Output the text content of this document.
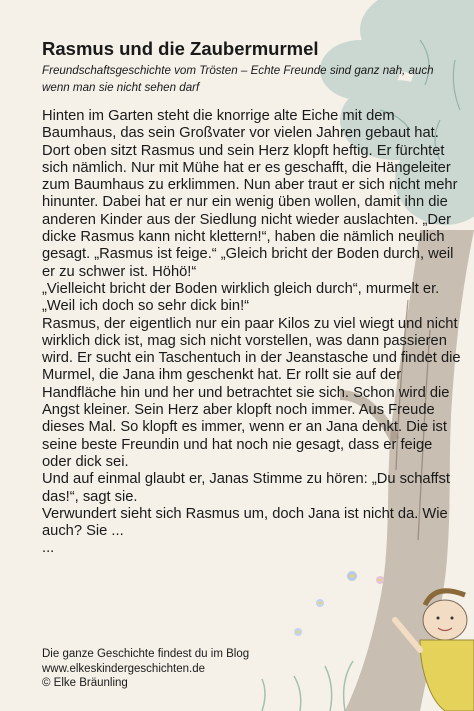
Rasmus und die Zaubermurmel
Freundschaftsgeschichte vom Trösten – Echte Freunde sind ganz nah, auch wenn man sie nicht sehen darf

Hinten im Garten steht die knorrige alte Eiche mit dem Baumhaus, das sein Großvater vor vielen Jahren gebaut hat.

Dort oben sitzt Rasmus und sein Herz klopft heftig. Er fürchtet sich nämlich. Nur mit Mühe hat er es geschafft, die Hängeleiter zum Baumhaus zu erklimmen. Nun aber traut er sich nicht mehr hinunter. Dabei hat er nur ein wenig üben wollen, damit ihn die anderen Kinder aus der Siedlung nicht wieder auslachten. „Der dicke Rasmus kann nicht klettern!“, haben die nämlich neulich gesagt. „Rasmus ist feige.“ „Gleich bricht der Boden durch, weil er zu schwer ist. Höhö!“

„Vielleicht bricht der Boden wirklich gleich durch“, murmelt er. „Weil ich doch so sehr dick bin!“

Rasmus, der eigentlich nur ein paar Kilos zu viel wiegt und nicht wirklich dick ist, mag sich nicht vorstellen, was dann passieren wird. Er sucht ein Taschentuch in der Jeanstasche und findet die Murmel, die Jana ihm geschenkt hat. Er rollt sie auf der Handfläche hin und her und betrachtet sie sich. Schon wird die Angst kleiner. Sein Herz aber klopft noch immer. Aus Freude dieses Mal. So klopft es immer, wenn er an Jana denkt. Die ist seine beste Freundin und hat noch nie gesagt, dass er feige oder dick sei.

Und auf einmal glaubt er, Janas Stimme zu hören: „Du schaffst das!“, sagt sie.

Verwundert sieht sich Rasmus um, doch Jana ist nicht da. Wie auch? Sie ...

...

Die ganze Geschichte findest du im Blog
www.elkeskindergeschichten.de
© Elke Bräunling
